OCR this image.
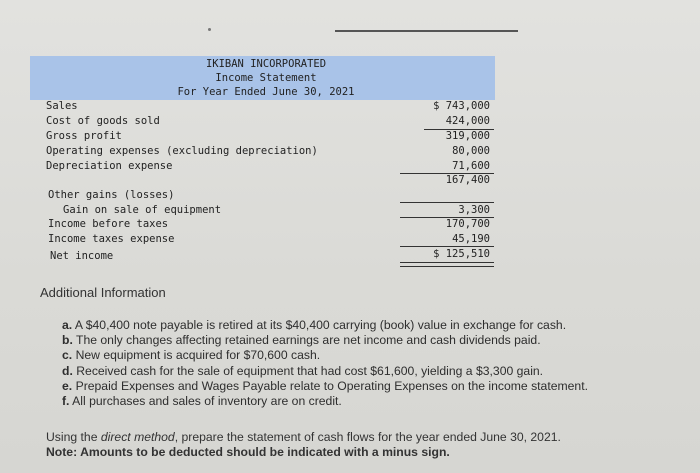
IKIBAN INCORPORATED
Income Statement
For Year Ended June 30, 2021
Sales	$ 743,000
Cost of goods sold	424,000
Gross profit	319,000
Operating expenses (excluding depreciation)	80,000
Depreciation expense	71,600
167,400
Other gains (losses)
Gain on sale of equipment	3,300
Income before taxes	170,700
Income taxes expense	45,190
Net income	$ 125,510
Additional Information
a. A $40,400 note payable is retired at its $40,400 carrying (book) value in exchange for cash.
b. The only changes affecting retained earnings are net income and cash dividends paid.
c. New equipment is acquired for $70,600 cash.
d. Received cash for the sale of equipment that had cost $61,600, yielding a $3,300 gain.
e. Prepaid Expenses and Wages Payable relate to Operating Expenses on the income statement.
f. All purchases and sales of inventory are on credit.
Using the direct method, prepare the statement of cash flows for the year ended June 30, 2021.
Note: Amounts to be deducted should be indicated with a minus sign.
